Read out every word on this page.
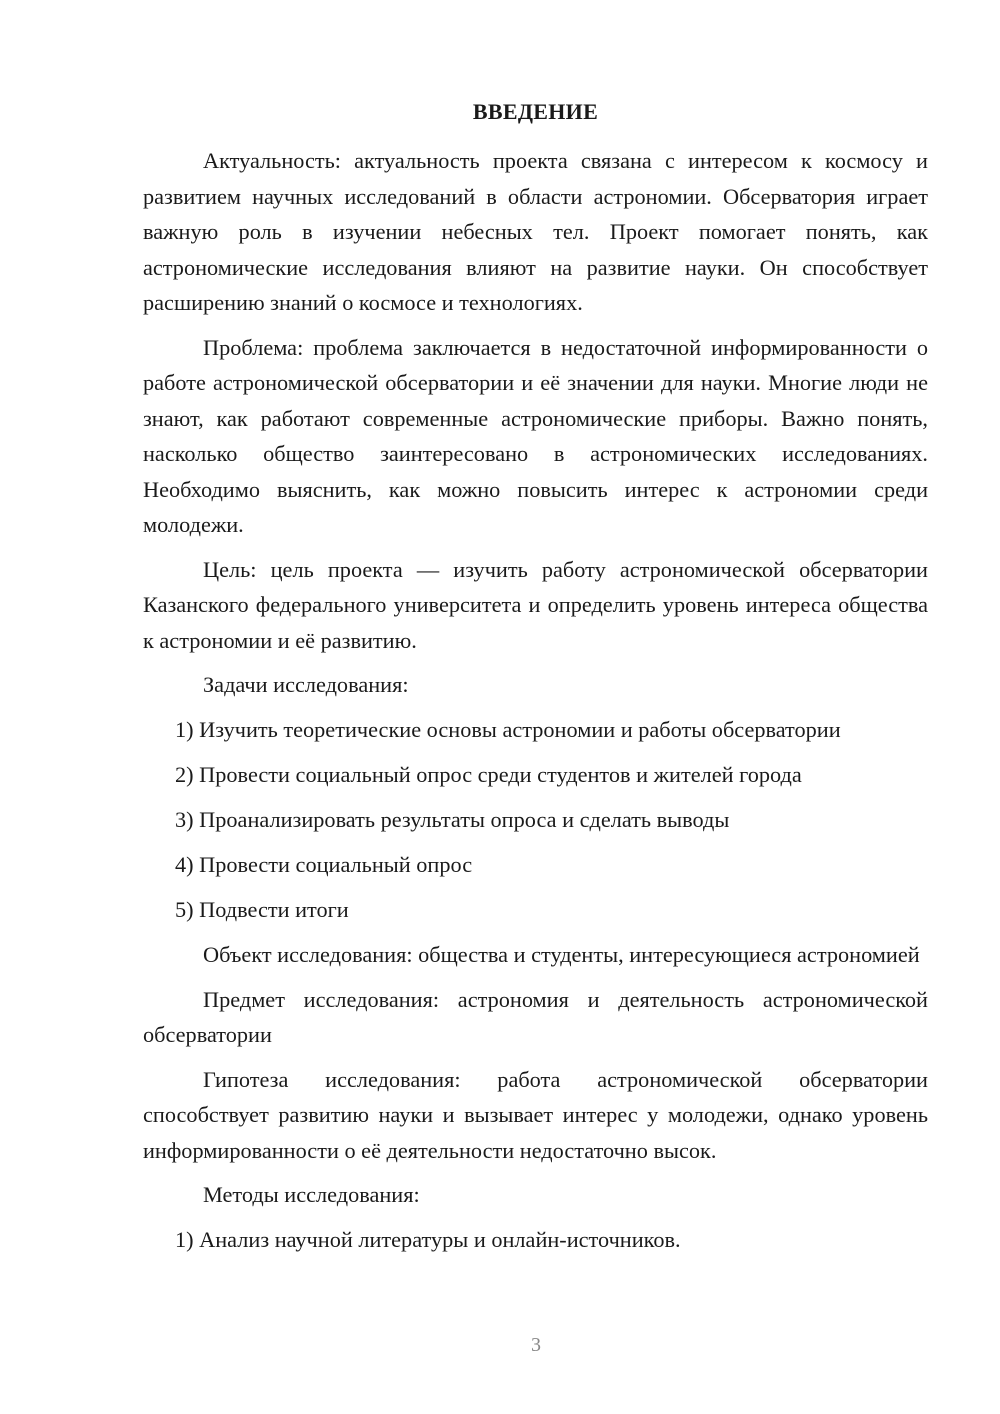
ВВЕДЕНИЕ

Актуальность: актуальность проекта связана с интересом к космосу и развитием научных исследований в области астрономии. Обсерватория играет важную роль в изучении небесных тел. Проект помогает понять, как астрономические исследования влияют на развитие науки. Он способствует расширению знаний о космосе и технологиях.

Проблема: проблема заключается в недостаточной информированности о работе астрономической обсерватории и её значении для науки. Многие люди не знают, как работают современные астрономические приборы. Важно понять, насколько общество заинтересовано в астрономических исследованиях. Необходимо выяснить, как можно повысить интерес к астрономии среди молодежи.

Цель: цель проекта — изучить работу астрономической обсерватории Казанского федерального университета и определить уровень интереса общества к астрономии и её развитию.

Задачи исследования:
1) Изучить теоретические основы астрономии и работы обсерватории
2) Провести социальный опрос среди студентов и жителей города
3) Проанализировать результаты опроса и сделать выводы
4) Провести социальный опрос
5) Подвести итоги

Объект исследования: общества и студенты, интересующиеся астрономией

Предмет исследования: астрономия и деятельность астрономической обсерватории

Гипотеза исследования: работа астрономической обсерватории способствует развитию науки и вызывает интерес у молодежи, однако уровень информированности о её деятельности недостаточно высок.

Методы исследования:
1) Анализ научной литературы и онлайн-источников.
3
